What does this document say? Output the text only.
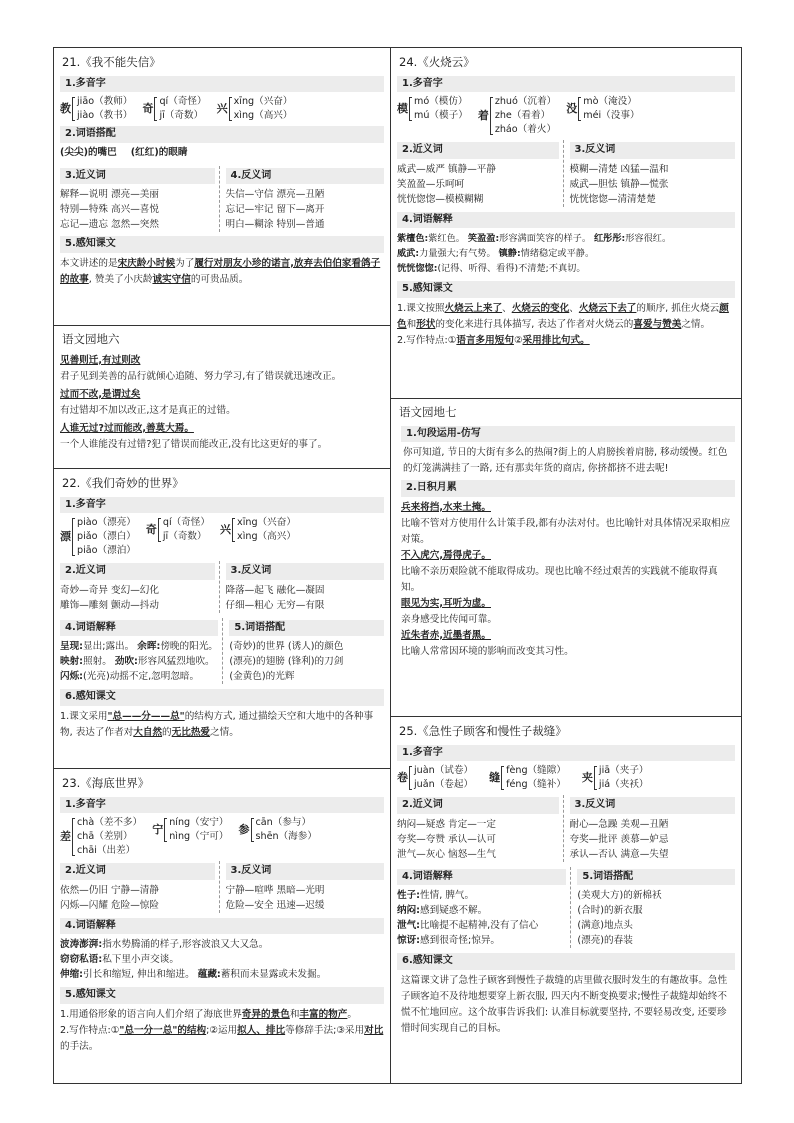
21.《我不能失信》
1.多音字
教
jiāo（教师）
jiào（教书）
奇
qí（奇怪）
jī（奇数）
兴
xīng（兴奋）
xìng（高兴）
2.词语搭配
(尖尖)的嘴巴 (红红)的眼睛
3.近义词
解释—说明 漂亮—美丽
特别—特殊 高兴—喜悦
忘记—遗忘 忽然—突然
4.反义词
失信—守信 漂亮—丑陋
忘记—牢记 留下—离开
明白—糊涂 特别—普通
5.感知课文
本文讲述的是宋庆龄小时候为了履行对朋友小珍的诺言,放弃去伯伯家看鸽子的故事, 赞美了小庆龄诚实守信的可贵品质。
语文园地六
见善则迁,有过则改
君子见到美善的品行就倾心追随、努力学习,有了错误就迅速改正。
过而不改,是谓过矣
有过错却不加以改正,这才是真正的过错。
人谁无过?过而能改,善莫大焉。
一个人谁能没有过错?犯了错误而能改正,没有比这更好的事了。
22.《我们奇妙的世界》
1.多音字
漂
piào（漂亮）
piǎo（漂白）
piāo（漂泊）
奇
qí（奇怪）
jī（奇数）
兴
xīng（兴奋）
xìng（高兴）
2.近义词
奇妙—奇异 变幻—幻化
雕饰—雕刻 颤动—抖动
3.反义词
降落—起飞 融化—凝固
仔细—粗心 无穷—有限
4.词语解释
呈现:显出;露出。 余晖:傍晚的阳光。
映射:照射。 劲吹:形容风猛烈地吹。
闪烁:(光亮)动摇不定,忽明忽暗。
5.词语搭配
(奇妙)的世界 (诱人)的颜色
(漂亮)的翅膀 (锋利)的刀剑
(金黄色)的光辉
6.感知课文
1.课文采用"总——分——总"的结构方式, 通过描绘天空和大地中的各种事物, 表达了作者对大自然的无比热爱之情。
23.《海底世界》
1.多音字
差
chà（差不多）
chā（差别）
chāi（出差）
宁
níng（安宁）
nìng（宁可）
参
cān（参与）
shēn（海参）
2.近义词
依然—仍旧 宁静—清静
闪烁—闪耀 危险—惊险
3.反义词
宁静—喧哗 黑暗—光明
危险—安全 迅速—迟缓
4.词语解释
波涛澎湃:指水势腾涌的样子,形容波浪又大又急。
窃窃私语:私下里小声交谈。
伸缩:引长和缩短, 伸出和缩进。 蕴藏:蓄积而未显露或未发掘。
5.感知课文
1.用通俗形象的语言向人们介绍了海底世界奇异的景色和丰富的物产。
2.写作特点:①"总一分一总"的结构;②运用拟人、排比等修辞手法;③采用对比的手法。
24.《火烧云》
1.多音字
模
mó（模仿）
mú（模子） 着
zhuó（沉着）
zhe（看着）
zháo（着火）
没
mò（淹没）
méi（没事）
2.近义词
威武—威严 镇静—平静
笑盈盈—乐呵呵
恍恍惚惚—模模糊糊
3.反义词
模糊—清楚 凶猛—温和
威武—胆怯 镇静—慌张
恍恍惚惚—清清楚楚
4.词语解释
紫檀色:紫红色。 笑盈盈:形容满面笑容的样子。 红彤彤:形容很红。
威武:力量强大;有气势。 镇静:情绪稳定或平静。
恍恍惚惚:(记得、听得、看得)不清楚;不真切。
5.感知课文
1.课文按照火烧云上来了、火烧云的变化、火烧云下去了的顺序, 抓住火烧云颜色和形状的变化来进行具体描写, 表达了作者对火烧云的喜爱与赞美之情。
2.写作特点:①语言多用短句②采用排比句式。
语文园地七
1.句段运用-仿写
你可知道, 节日的大街有多么的热闹?街上的人肩膀挨着肩膀, 移动缓慢。红色的灯笼满满挂了一路, 还有那卖年货的商店, 你挤都挤不进去呢!
2.日积月累
兵来将挡,水来土掩。
比喻不管对方使用什么计策手段,都有办法对付。也比喻针对具体情况采取相应对策。
不入虎穴,焉得虎子。
比喻不亲历艰险就不能取得成功。现也比喻不经过艰苦的实践就不能取得真知。
眼见为实,耳听为虚。
亲身感受比传闻可靠。
近朱者赤,近墨者黑。
比喻人常常因环境的影响而改变其习性。
25.《急性子顾客和慢性子裁缝》
1.多音字
卷
juàn（试卷）
juǎn（卷起）
缝
fèng（缝隙）
féng（缝补）
夹
jiā（夹子）
jiá（夹袄）
2.近义词
纳闷—疑惑 肯定—一定
夸奖—夸赞 承认—认可
泄气—灰心 恼怒—生气
3.反义词
耐心—急躁 美观—丑陋
夸奖—批评 羡慕—妒忌
承认—否认 满意—失望
4.词语解释
性子:性情, 脾气。
纳闷:感到疑惑不解。
泄气:比喻提不起精神,没有了信心
惊讶:感到很奇怪;惊异。
5.词语搭配
(美观大方)的新棉袄
(合时)的新衣服
(满意)地点头
(漂亮)的春装
6.感知课文
这篇课文讲了急性子顾客到慢性子裁缝的店里做衣服时发生的有趣故事。急性子顾客迫不及待地想要穿上新衣服, 四天内不断变换要求;慢性子裁缝却始终不慌不忙地回应。这个故事告诉我们: 认准目标就要坚持, 不要轻易改变, 还要珍惜时间实现自己的目标。
